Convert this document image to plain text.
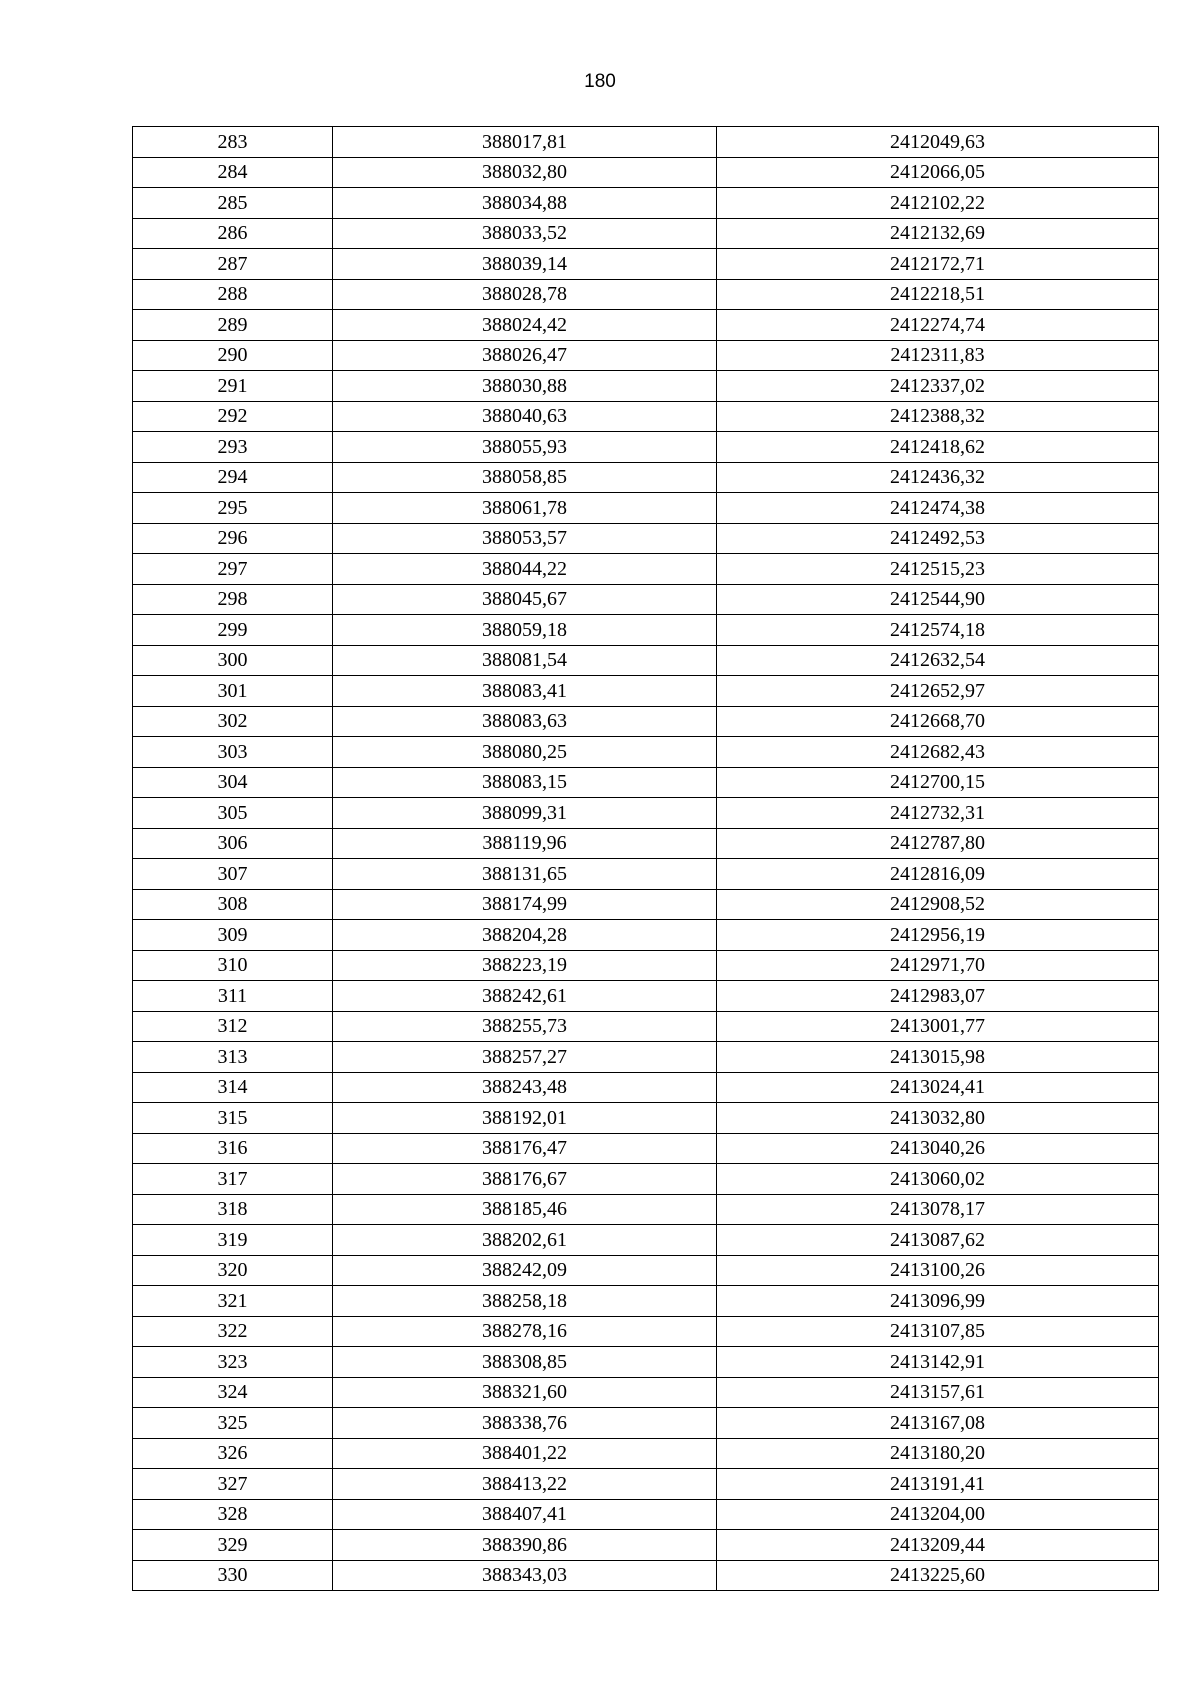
180
283	388017,81	2412049,63
284	388032,80	2412066,05
285	388034,88	2412102,22
286	388033,52	2412132,69
287	388039,14	2412172,71
288	388028,78	2412218,51
289	388024,42	2412274,74
290	388026,47	2412311,83
291	388030,88	2412337,02
292	388040,63	2412388,32
293	388055,93	2412418,62
294	388058,85	2412436,32
295	388061,78	2412474,38
296	388053,57	2412492,53
297	388044,22	2412515,23
298	388045,67	2412544,90
299	388059,18	2412574,18
300	388081,54	2412632,54
301	388083,41	2412652,97
302	388083,63	2412668,70
303	388080,25	2412682,43
304	388083,15	2412700,15
305	388099,31	2412732,31
306	388119,96	2412787,80
307	388131,65	2412816,09
308	388174,99	2412908,52
309	388204,28	2412956,19
310	388223,19	2412971,70
311	388242,61	2412983,07
312	388255,73	2413001,77
313	388257,27	2413015,98
314	388243,48	2413024,41
315	388192,01	2413032,80
316	388176,47	2413040,26
317	388176,67	2413060,02
318	388185,46	2413078,17
319	388202,61	2413087,62
320	388242,09	2413100,26
321	388258,18	2413096,99
322	388278,16	2413107,85
323	388308,85	2413142,91
324	388321,60	2413157,61
325	388338,76	2413167,08
326	388401,22	2413180,20
327	388413,22	2413191,41
328	388407,41	2413204,00
329	388390,86	2413209,44
330	388343,03	2413225,60
